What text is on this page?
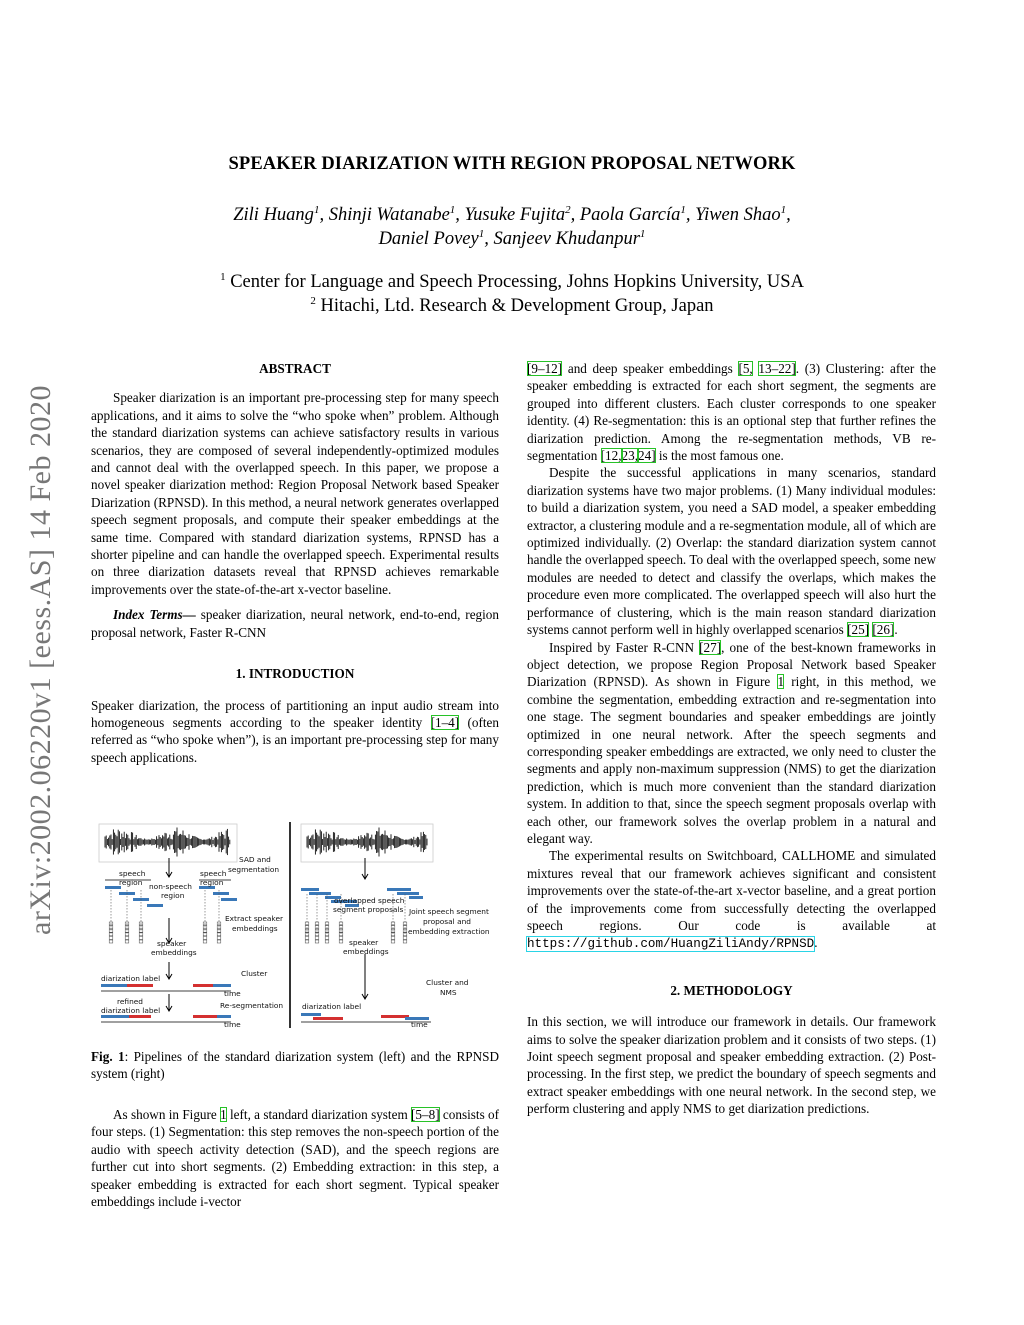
arXiv:2002.06220v1 [eess.AS] 14 Feb 2020
SPEAKER DIARIZATION WITH REGION PROPOSAL NETWORK
Zili Huang$^1$, Shinji Watanabe$^1$, Yusuke Fujita$^2$, Paola García$^1$, Yiwen Shao$^1$,
Daniel Povey$^1$, Sanjeev Khudanpur$^1$
$^1$ Center for Language and Speech Processing, Johns Hopkins University, USA
$^2$ Hitachi, Ltd. Research & Development Group, Japan
ABSTRACT

Speaker diarization is an important pre-processing step for many speech applications, and it aims to solve the “who spoke when” problem. Although the standard diarization systems can achieve satisfactory results in various scenarios, they are composed of several independently-optimized modules and cannot deal with the overlapped speech. In this paper, we propose a novel speaker diarization method: Region Proposal Network based Speaker Diarization (RPNSD). In this method, a neural network generates overlapped speech segment proposals, and compute their speaker embeddings at the same time. Compared with standard diarization systems, RPNSD has a shorter pipeline and can handle the overlapped speech. Experimental results on three diarization datasets reveal that RPNSD achieves remarkable improvements over the state-of-the-art x-vector baseline.

Index Terms— speaker diarization, neural network, end-to-end, region proposal network, Faster R-CNN

1. INTRODUCTION

Speaker diarization, the process of partitioning an input audio stream into homogeneous segments according to the speaker identity [1–4] (often referred as “who spoke when”), is an important pre-processing step for many speech applications.

speech
region non-speech
region
speech
region
SAD and
segmentation
Extract speaker
embeddings
speaker
embeddings
Cluster
diarization label
time
refined
diarization label
Re-segmentation
time
overlapped speech
segment proposals Joint speech segment
proposal and
embedding extraction
speaker
embeddings
Cluster and
NMS
diarization label
time

Fig. 1: Pipelines of the standard diarization system (left) and the RPNSD system (right)

As shown in Figure 1 left, a standard diarization system [5–8] consists of four steps. (1) Segmentation: this step removes the non-speech portion of the audio with speech activity detection (SAD), and the speech regions are further cut into short segments. (2) Embedding extraction: in this step, a speaker embedding is extracted for each short segment. Typical speaker embeddings include i-vector

[9–12] and deep speaker embeddings [5, 13–22]. (3) Clustering: after the speaker embedding is extracted for each short segment, the segments are grouped into different clusters. Each cluster corresponds to one speaker identity. (4) Re-segmentation: this is an optional step that further refines the diarization prediction. Among the re-segmentation methods, VB re-segmentation [12,23,24] is the most famous one.

Despite the successful applications in many scenarios, standard diarization systems have two major problems. (1) Many individual modules: to build a diarization system, you need a SAD model, a speaker embedding extractor, a clustering module and a re-segmentation module, all of which are optimized individually. (2) Overlap: the standard diarization system cannot handle the overlapped speech. To deal with the overlapped speech, some new modules are needed to detect and classify the overlaps, which makes the procedure even more complicated. The overlapped speech will also hurt the performance of clustering, which is the main reason standard diarization systems cannot perform well in highly overlapped scenarios [25] [26].

Inspired by Faster R-CNN [27], one of the best-known frameworks in object detection, we propose Region Proposal Network based Speaker Diarization (RPNSD). As shown in Figure 1 right, in this method, we combine the segmentation, embedding extraction and re-segmentation into one stage. The segment boundaries and speaker embeddings are jointly optimized in one neural network. After the speech segments and corresponding speaker embeddings are extracted, we only need to cluster the segments and apply non-maximum suppression (NMS) to get the diarization prediction, which is much more convenient than the standard diarization system. In addition to that, since the speech segment proposals overlap with each other, our framework solves the overlap problem in a natural and elegant way.

The experimental results on Switchboard, CALLHOME and simulated mixtures reveal that our framework achieves significant and consistent improvements over the state-of-the-art x-vector baseline, and a great portion of the improvements come from successfully detecting the overlapped speech regions. Our code is available at https://github.com/HuangZiliAndy/RPNSD.

2. METHODOLOGY

In this section, we will introduce our framework in details. Our framework aims to solve the speaker diarization problem and it consists of two steps. (1) Joint speech segment proposal and speaker embedding extraction. (2) Post-processing. In the first step, we predict the boundary of speech segments and extract speaker embeddings with one neural network. In the second step, we perform clustering and apply NMS to get diarization predictions.
